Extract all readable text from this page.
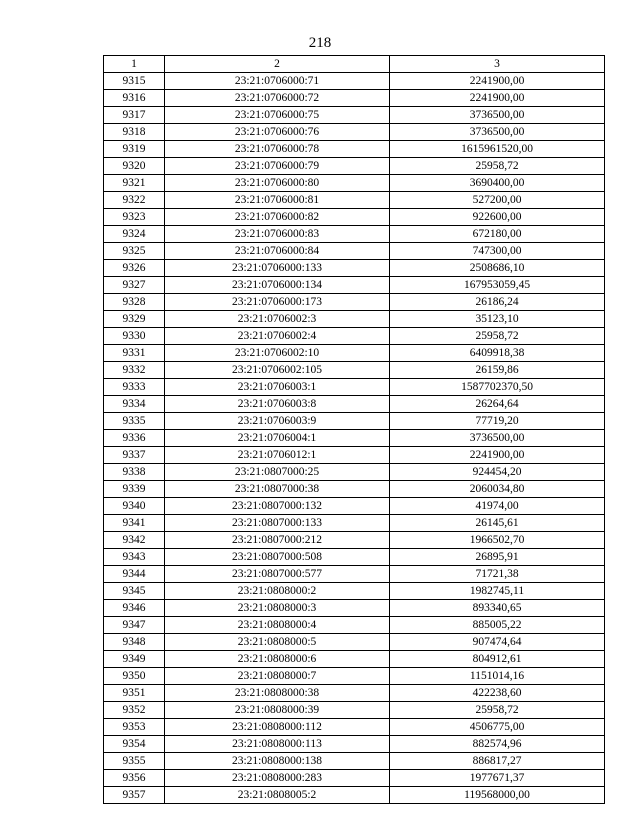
218
1	2	3
9315	23:21:0706000:71	2241900,00
9316	23:21:0706000:72	2241900,00
9317	23:21:0706000:75	3736500,00
9318	23:21:0706000:76	3736500,00
9319	23:21:0706000:78	1615961520,00
9320	23:21:0706000:79	25958,72
9321	23:21:0706000:80	3690400,00
9322	23:21:0706000:81	527200,00
9323	23:21:0706000:82	922600,00
9324	23:21:0706000:83	672180,00
9325	23:21:0706000:84	747300,00
9326	23:21:0706000:133	2508686,10
9327	23:21:0706000:134	167953059,45
9328	23:21:0706000:173	26186,24
9329	23:21:0706002:3	35123,10
9330	23:21:0706002:4	25958,72
9331	23:21:0706002:10	6409918,38
9332	23:21:0706002:105	26159,86
9333	23:21:0706003:1	1587702370,50
9334	23:21:0706003:8	26264,64
9335	23:21:0706003:9	77719,20
9336	23:21:0706004:1	3736500,00
9337	23:21:0706012:1	2241900,00
9338	23:21:0807000:25	924454,20
9339	23:21:0807000:38	2060034,80
9340	23:21:0807000:132	41974,00
9341	23:21:0807000:133	26145,61
9342	23:21:0807000:212	1966502,70
9343	23:21:0807000:508	26895,91
9344	23:21:0807000:577	71721,38
9345	23:21:0808000:2	1982745,11
9346	23:21:0808000:3	893340,65
9347	23:21:0808000:4	885005,22
9348	23:21:0808000:5	907474,64
9349	23:21:0808000:6	804912,61
9350	23:21:0808000:7	1151014,16
9351	23:21:0808000:38	422238,60
9352	23:21:0808000:39	25958,72
9353	23:21:0808000:112	4506775,00
9354	23:21:0808000:113	882574,96
9355	23:21:0808000:138	886817,27
9356	23:21:0808000:283	1977671,37
9357	23:21:0808005:2	119568000,00
